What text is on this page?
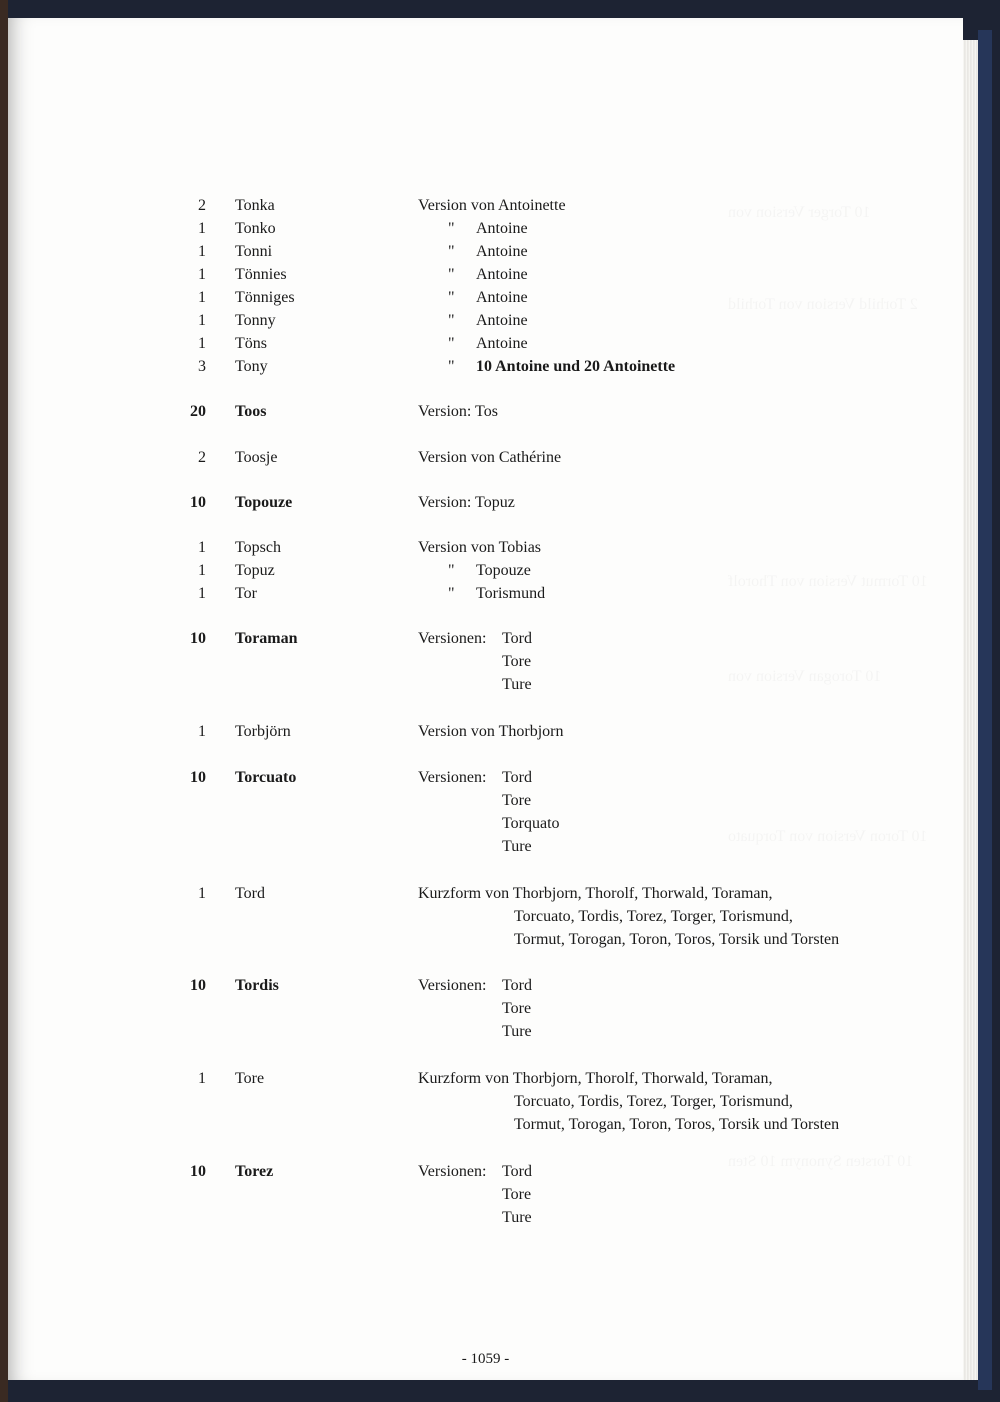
2 Tonka	Version von Antoinette
1 Tonko	" Antoine
1 Tonni	" Antoine
1 Tönnies	" Antoine
1 Tönniges	" Antoine
1 Tonny	" Antoine
1 Töns	" Antoine
3 Tony	" 10 Antoine und 20 Antoinette
20 Toos	Version: Tos
2 Toosje	Version von Cathérine
10 Topouze	Version: Topuz
1 Topsch	Version von Tobias
1 Topuz	" Topouze
1 Tor	" Torismund
10 Toraman	Versionen: Tord
Tore
Ture
1 Torbjörn	Version von Thorbjorn
10 Torcuato	Versionen: Tord
Tore
Torquato
Ture
1 Tord	Kurzform von Thorbjorn, Thorolf, Thorwald, Toraman,
Torcuato, Tordis, Torez, Torger, Torismund,
Tormut, Torogan, Toron, Toros, Torsik und Torsten
10 Tordis	Versionen: Tord
Tore
Ture
1 Tore	Kurzform von Thorbjorn, Thorolf, Thorwald, Toraman,
Torcuato, Tordis, Torez, Torger, Torismund,
Tormut, Torogan, Toron, Toros, Torsik und Torsten
10 Torez	Versionen: Tord
Tore
Ture
- 1059 -
